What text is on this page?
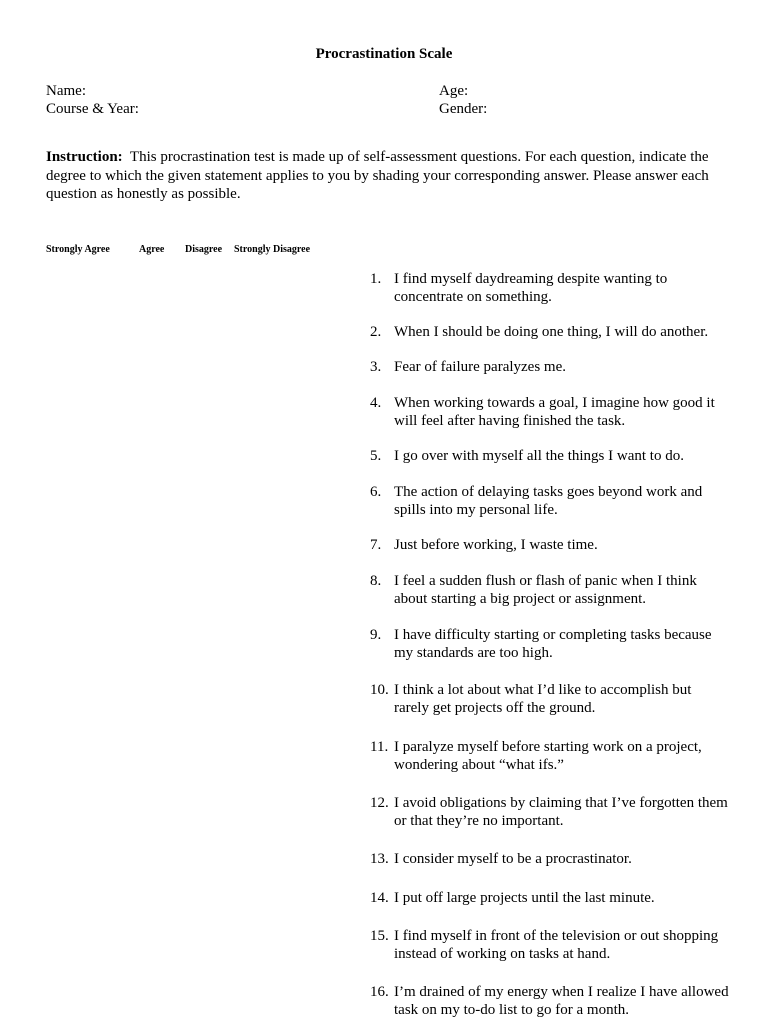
Procrastination Scale
Name:
Course & Year:
Age:
Gender:
Instruction: This procrastination test is made up of self-assessment questions. For each question, indicate the degree to which the given statement applies to you by shading your corresponding answer. Please answer each question as honestly as possible.
Strongly Agree	Agree Disagree Strongly Disagree
1. I find myself daydreaming despite wanting to concentrate on something.
2. When I should be doing one thing, I will do another.
3. Fear of failure paralyzes me.
4. When working towards a goal, I imagine how good it will feel after having finished the task.
5. I go over with myself all the things I want to do.
6. The action of delaying tasks goes beyond work and spills into my personal life.
7. Just before working, I waste time.
8. I feel a sudden flush or flash of panic when I think about starting a big project or assignment.
9. I have difficulty starting or completing tasks because my standards are too high.
10. I think a lot about what I’d like to accomplish but rarely get projects off the ground.
11. I paralyze myself before starting work on a project, wondering about “what ifs.”
12. I avoid obligations by claiming that I’ve forgotten them or that they’re no important.
13. I consider myself to be a procrastinator.
14. I put off large projects until the last minute.
15. I find myself in front of the television or out shopping instead of working on tasks at hand.
16. I’m drained of my energy when I realize I have allowed task on my to-do list to go for a month.
